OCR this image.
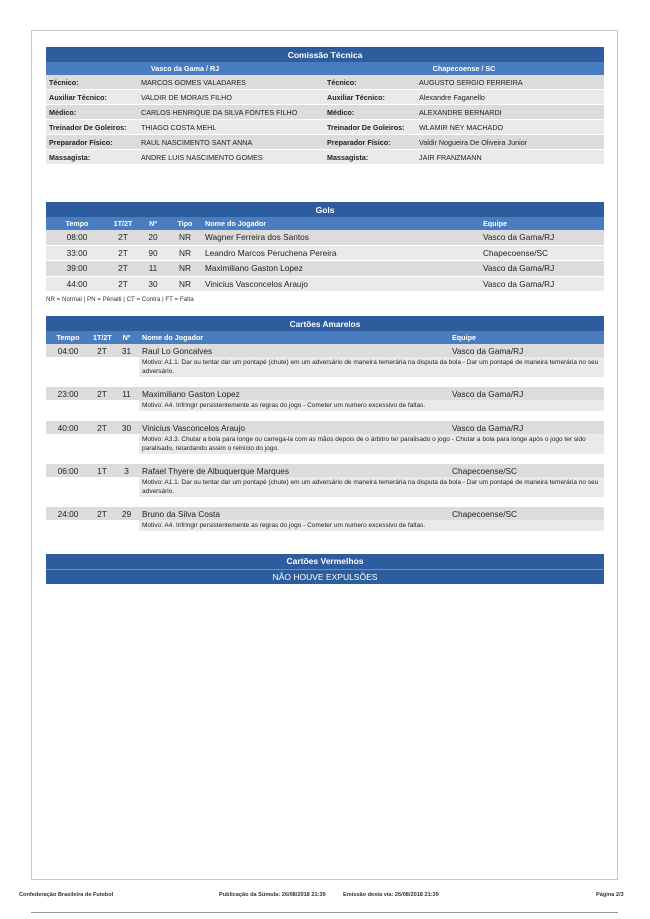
Comissão Técnica			
Vasco da Gama / RJ		Chapecoense / SC	
Técnico:	MARCOS GOMES VALADARES	Técnico:	AUGUSTO SERGIO FERREIRA
Auxiliar Técnico:	VALDIR DE MORAIS FILHO	Auxiliar Técnico:	Alexandre Faganello
Médico:	CARLOS HENRIQUE DA SILVA FONTES FILHO	Médico:	ALEXANDRE BERNARDI
Treinador De Goleiros:	THIAGO COSTA MEHL	Treinador De Goleiros:	WLAMIR NEY MACHADO
Preparador Físico:	RAUL NASCIMENTO SANT ANNA	Preparador Físico:	Valdir Nogueira De Oliveira Junior
Massagista:	ANDRE LUIS NASCIMENTO GOMES	Massagista:	JAIR FRANZMANN
Gols					
Tempo	1T/2T	Nº	Tipo	Nome do Jogador	Equipe
08:00	2T	20	NR	Wagner Ferreira dos Santos	Vasco da Gama/RJ
33:00	2T	90	NR	Leandro Marcos Peruchena Pereira	Chapecoense/SC
39:00	2T	11	NR	Maximiliano Gaston Lopez	Vasco da Gama/RJ
44:00	2T	30	NR	Vinicius Vasconcelos Araujo	Vasco da Gama/RJ
NR = Normal | PN = Pênalti | CT = Contra | FT = Falta
Cartões Amarelos				
Tempo	1T/2T	Nº	Nome do Jogador	Equipe
04:00	2T	31	Raul Lo Goncalves	Vasco da Gama/RJ
			Motivo: A1.1. Dar ou tentar dar um pontapé (chute) em um adversário de maneira temerária na disputa da bola - Dar um pontapé de maneira temerária no seu adversário.	

23:00	2T	11	Maximiliano Gaston Lopez	Vasco da Gama/RJ
			Motivo: A4. Infringir persistentemente as regras do jogo - Cometer um numero excessivo de faltas.	

40:00	2T	30	Vinicius Vasconcelos Araujo	Vasco da Gama/RJ
			Motivo: A3.3. Chutar a bola para longe ou carrega-la com as mãos depois de o árbitro ter paralisado o jogo - Chutar a bola para longe após o jogo ter sido paralisado, retardando assim o reinício do jogo.	

06:00	1T	3	Rafael Thyere de Albuquerque Marques	Chapecoense/SC
			Motivo: A1.1. Dar ou tentar dar um pontapé (chute) em um adversário de maneira temerária na disputa da bola - Dar um pontapé de maneira temerária no seu adversário.	

24:00	2T	29	Bruno da Silva Costa	Chapecoense/SC
			Motivo: A4. Infringir persistentemente as regras do jogo - Cometer um numero excessivo de faltas.	
Cartões Vermelhos
NÃO HOUVE EXPULSÕES
Confederação Brasileira de Futebol	Publicação da Súmula: 26/08/2018 21:39	Emissão desta via: 26/08/2018 21:39	Página 2/3
